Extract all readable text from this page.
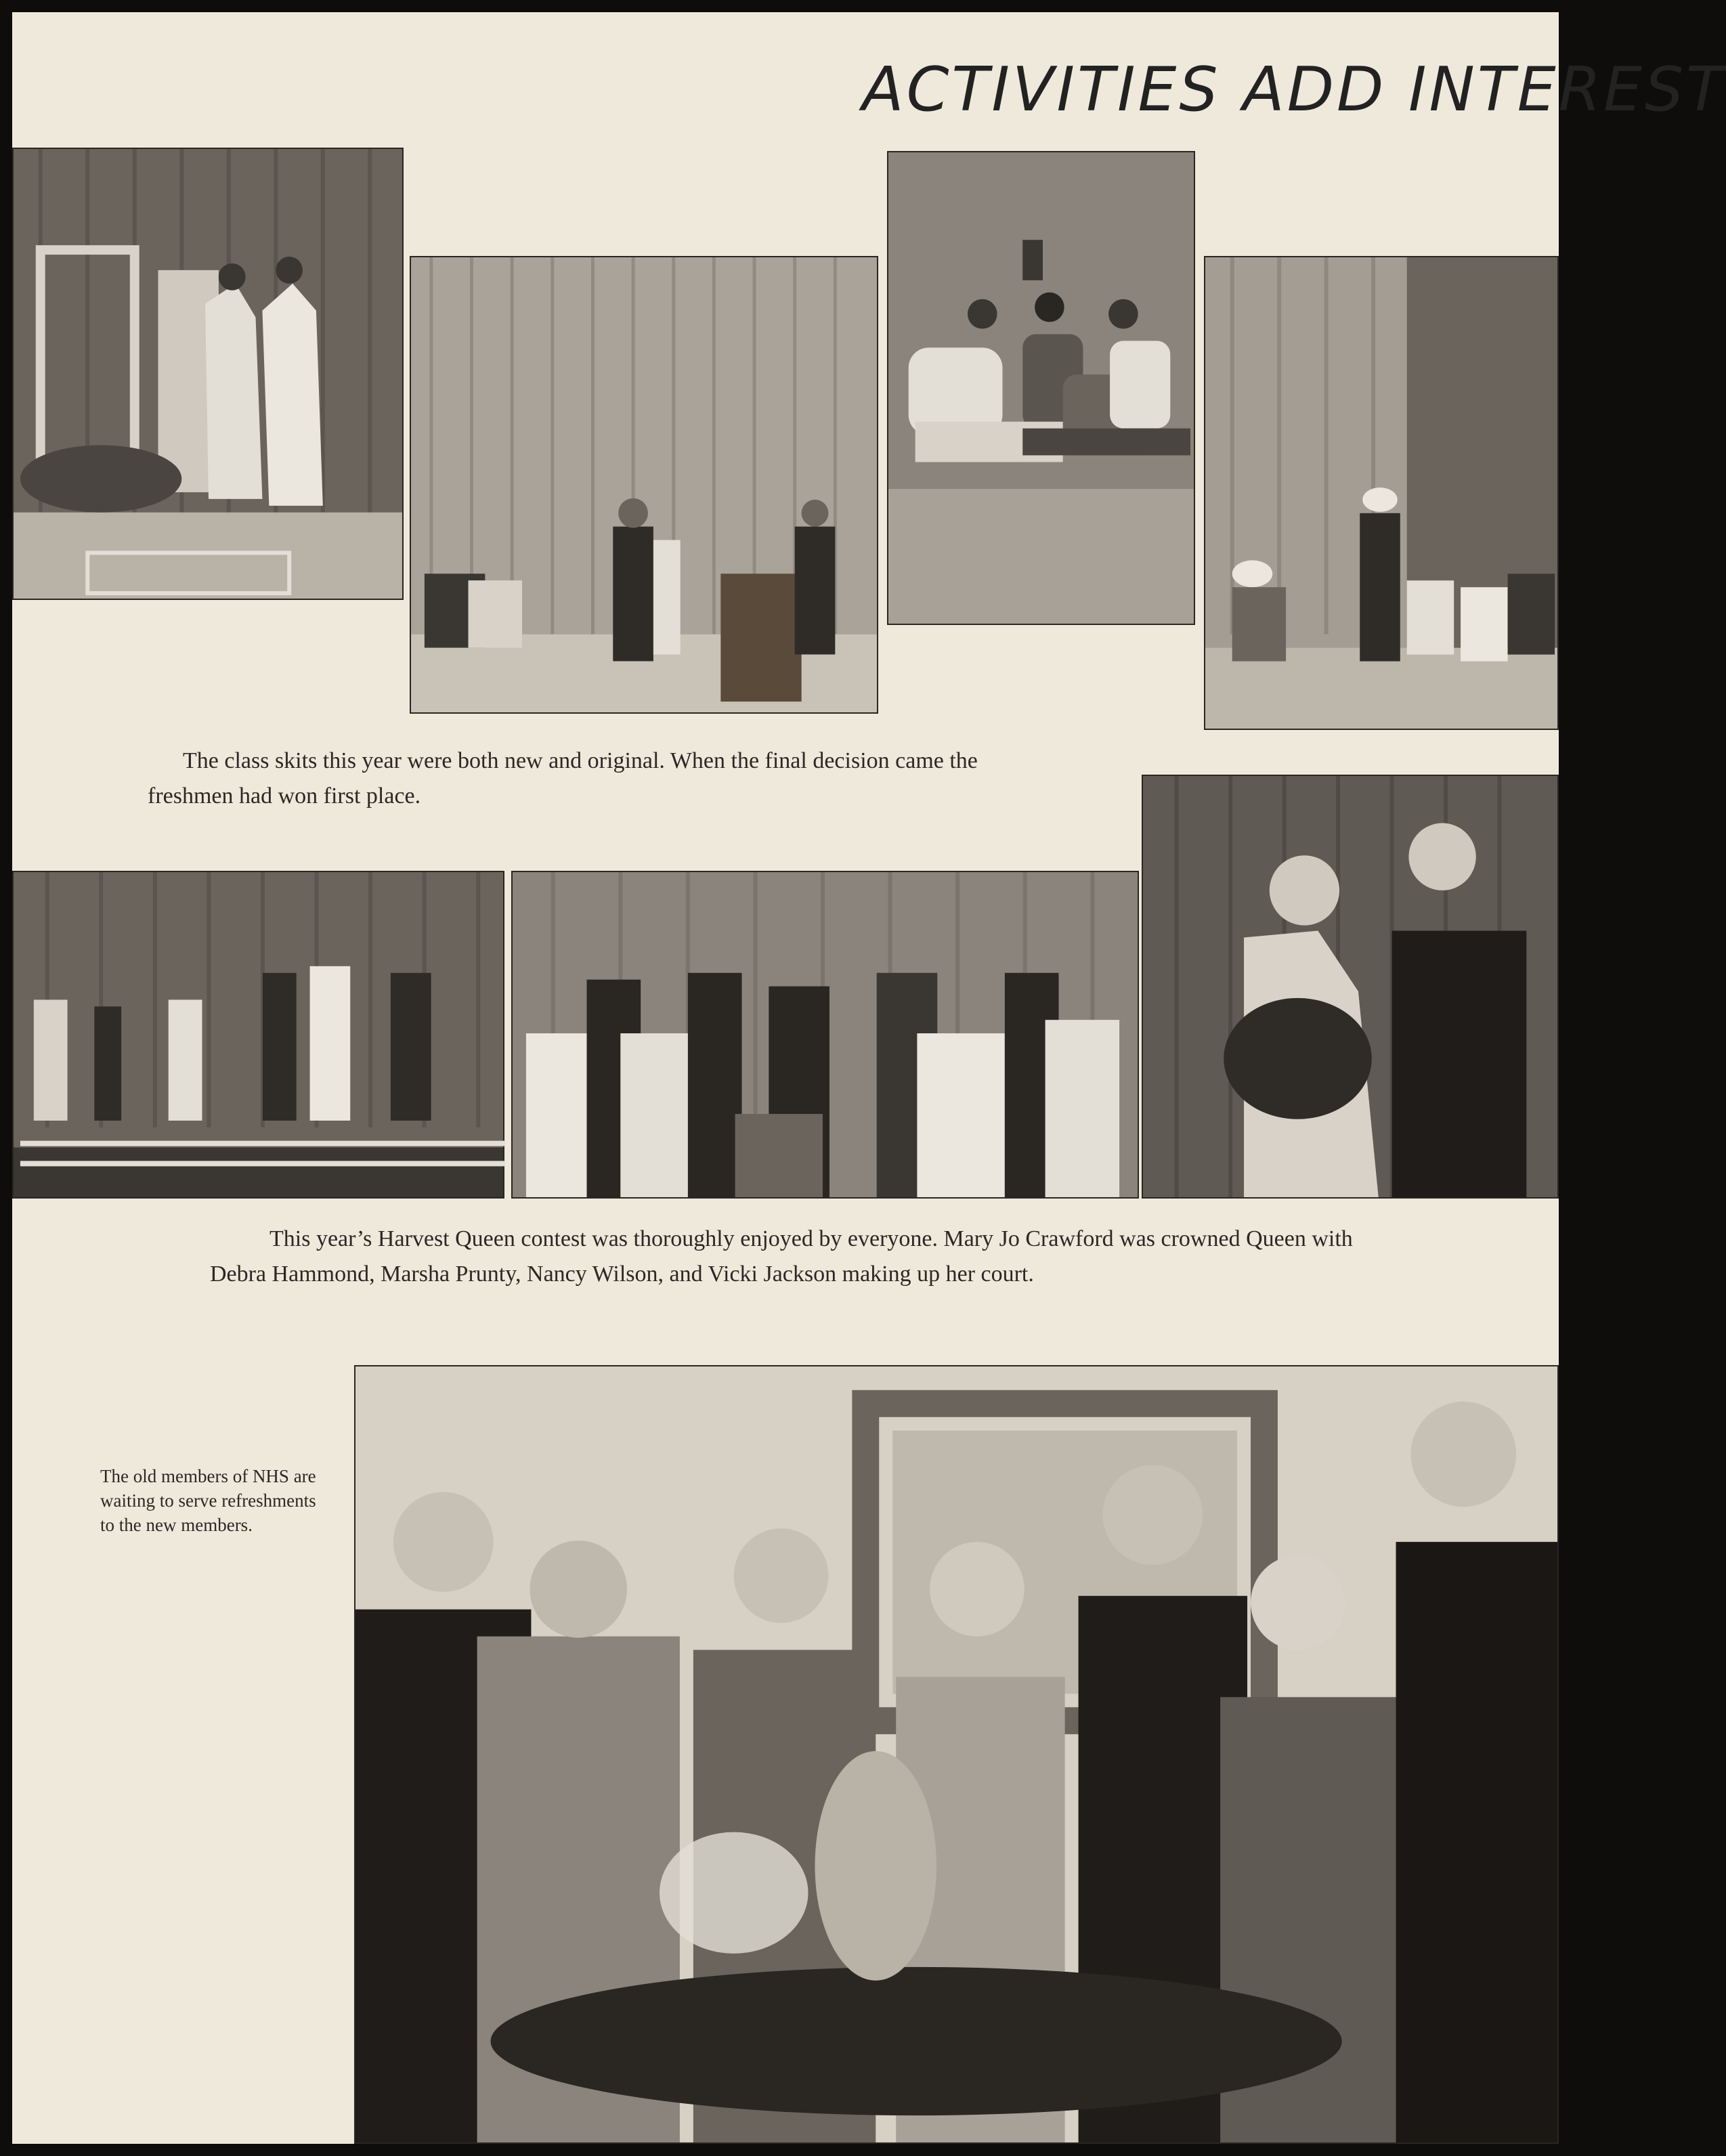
ACTIVITIES ADD INTEREST

The class skits this year were both new and original. When the final decision came the freshmen had won first place.

This year’s Harvest Queen contest was thoroughly enjoyed by everyone. Mary Jo Crawford was crowned Queen with Debra Hammond, Marsha Prunty, Nancy Wilson, and Vicki Jackson making up her court.

The old members of NHS are waiting to serve refreshments to the new members.
